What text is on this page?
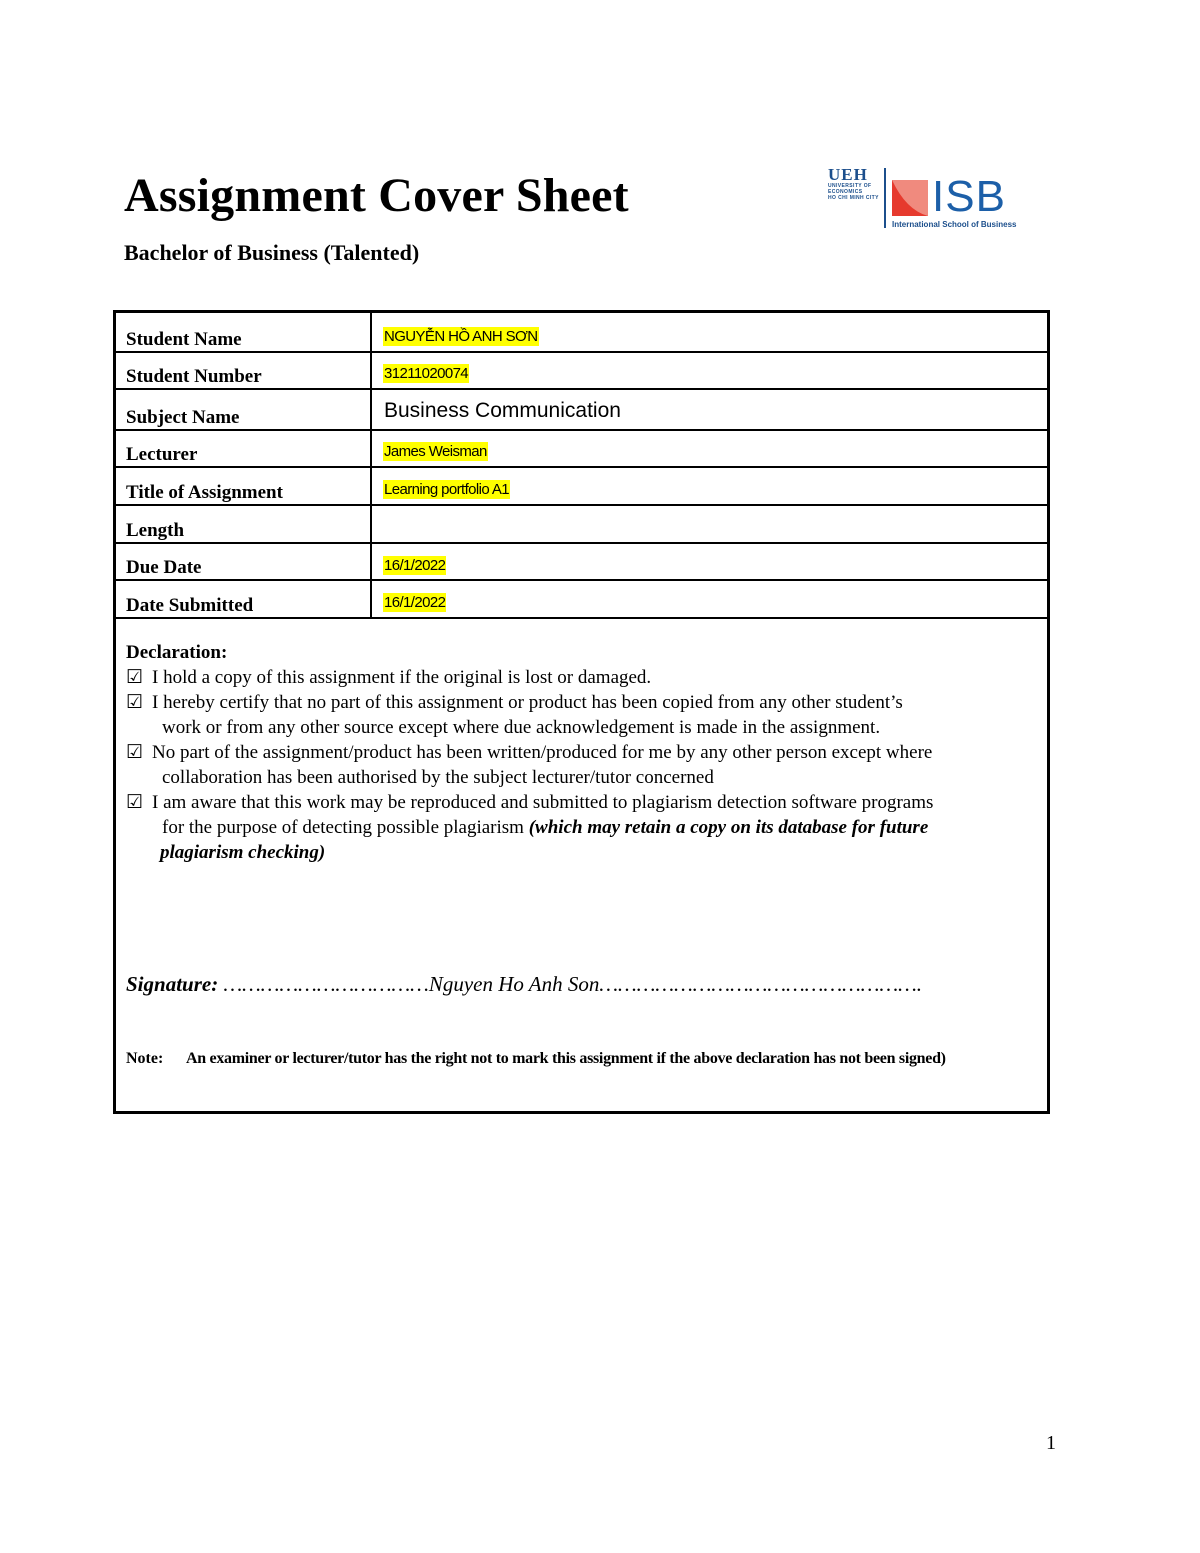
Assignment Cover Sheet
Bachelor of Business (Talented)
UEH
UNIVERSITY OF
ECONOMICS
HO CHI MINH CITY ISB
International School of Business
Student Name	NGUYỄN HỒ ANH SƠN
Student Number	31211020074
Subject Name	Business Communication
Lecturer	James Weisman
Title of Assignment	Learning portfolio A1
Length
Due Date	16/1/2022
Date Submitted	16/1/2022
Declaration:
☑ I hold a copy of this assignment if the original is lost or damaged.
☑ I hereby certify that no part of this assignment or product has been copied from any other student’s
work or from any other source except where due acknowledgement is made in the assignment.
☑ No part of the assignment/product has been written/produced for me by any other person except where
collaboration has been authorised by the subject lecturer/tutor concerned
☑ I am aware that this work may be reproduced and submitted to plagiarism detection software programs
for the purpose of detecting possible plagiarism (which may retain a copy on its database for future
plagiarism checking)
Signature: ……………………………Nguyen Ho Anh Son…………………………………………….
Note: An examiner or lecturer/tutor has the right not to mark this assignment if the above declaration has not been signed)
1
